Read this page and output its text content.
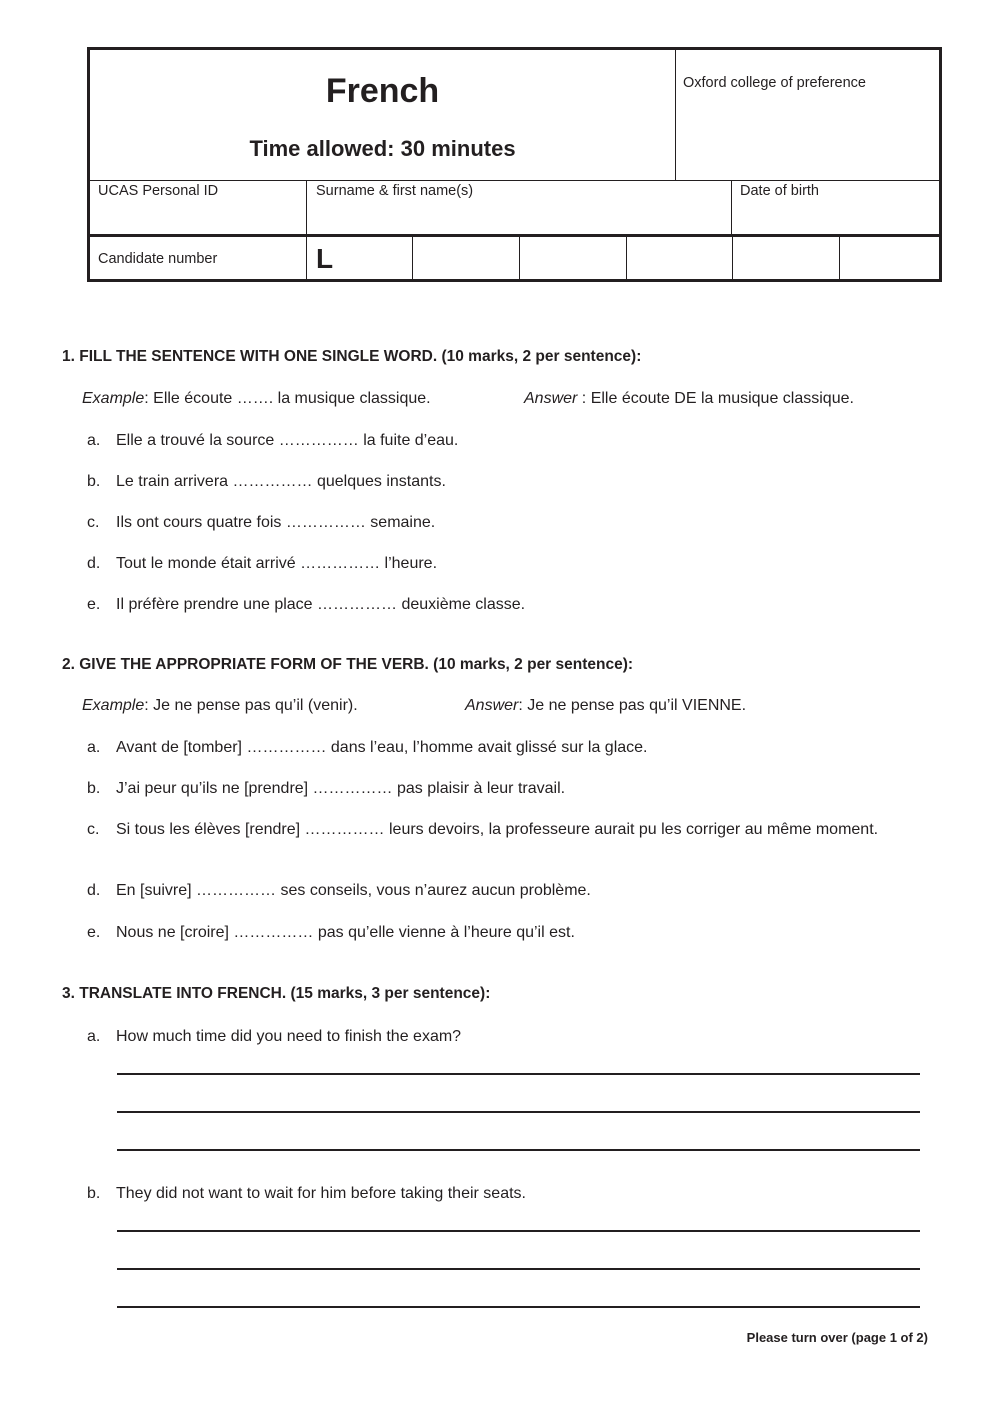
French
Time allowed: 30 minutes
Oxford college of preference
UCAS Personal ID	Surname & first name(s)	Date of birth
Candidate number	L
1. FILL THE SENTENCE WITH ONE SINGLE WORD. (10 marks, 2 per sentence):
Example: Elle écoute ……. la musique classique.	Answer : Elle écoute DE la musique classique.
a. Elle a trouvé la source …………… la fuite d’eau.
b. Le train arrivera …………… quelques instants.
c. Ils ont cours quatre fois …………… semaine.
d. Tout le monde était arrivé …………… l’heure.
e. Il préfère prendre une place …………… deuxième classe.
2. GIVE THE APPROPRIATE FORM OF THE VERB. (10 marks, 2 per sentence):
Example: Je ne pense pas qu’il (venir).	Answer: Je ne pense pas qu’il VIENNE.
a. Avant de [tomber] …………… dans l’eau, l’homme avait glissé sur la glace.
b. J’ai peur qu’ils ne [prendre] …………… pas plaisir à leur travail.
c. Si tous les élèves [rendre] …………… leurs devoirs, la professeure aurait pu les corriger au même moment.
d. En [suivre] …………… ses conseils, vous n’aurez aucun problème.
e. Nous ne [croire] …………… pas qu’elle vienne à l’heure qu’il est.
3. TRANSLATE INTO FRENCH. (15 marks, 3 per sentence):
a. How much time did you need to finish the exam?
b. They did not want to wait for him before taking their seats.
Please turn over (page 1 of 2)
